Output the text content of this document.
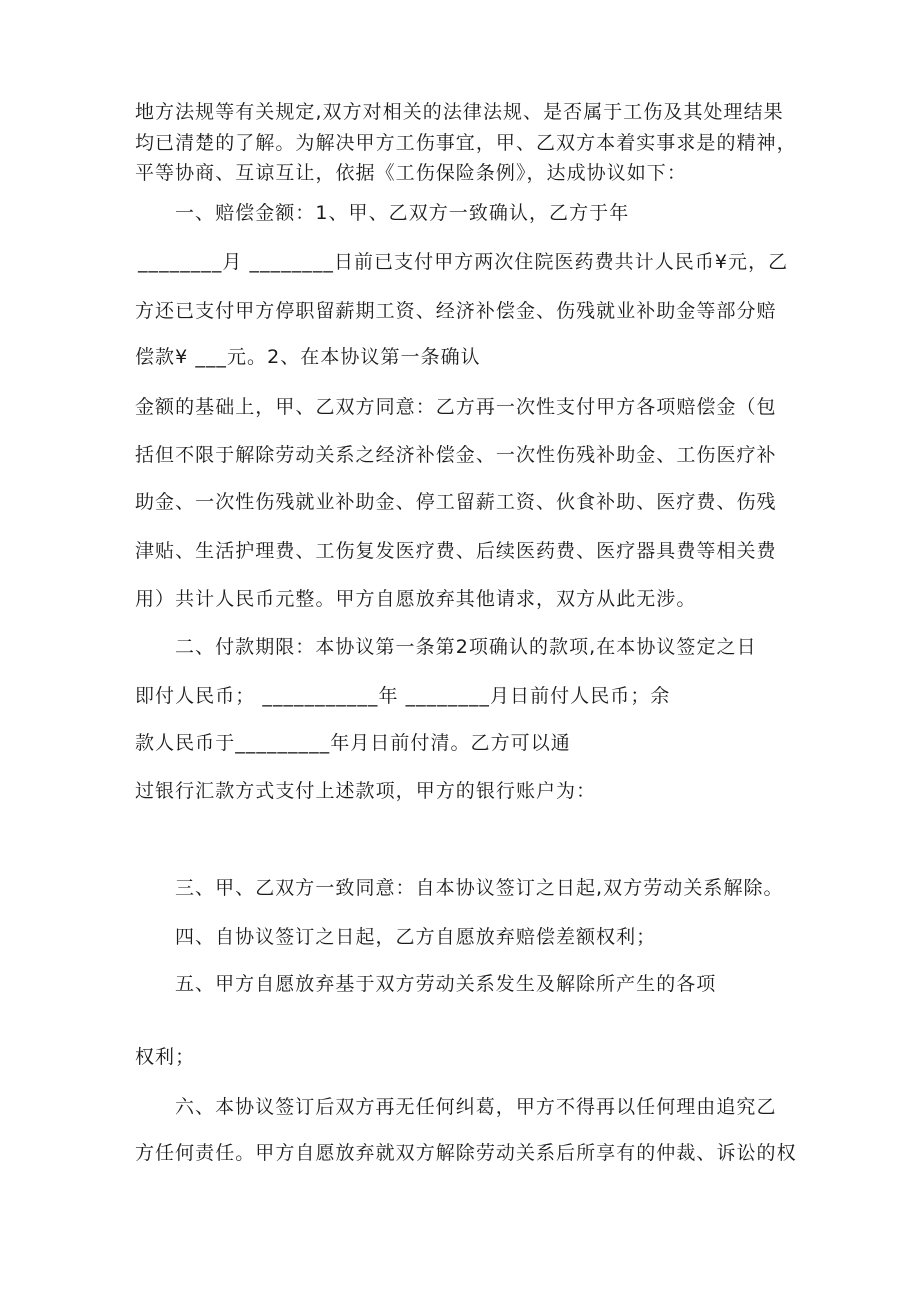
地方法规等有关规定,双方对相关的法律法规、是否属于工伤及其处理结果
均已清楚的了解。为解决甲方工伤事宜，甲、乙双方本着实事求是的精神，
平等协商、互谅互让，依据《工伤保险条例》，达成协议如下：
一、赔偿金额：1、甲、乙双方一致确认，乙方于年
________月 ________日前已支付甲方两次住院医药费共计人民币¥元，乙
方还已支付甲方停职留薪期工资、经济补偿金、伤残就业补助金等部分赔
偿款¥ ___元。2、在本协议第一条确认
金额的基础上，甲、乙双方同意：乙方再一次性支付甲方各项赔偿金（包
括但不限于解除劳动关系之经济补偿金、一次性伤残补助金、工伤医疗补
助金、一次性伤残就业补助金、停工留薪工资、伙食补助、医疗费、伤残
津贴、生活护理费、工伤复发医疗费、后续医药费、医疗器具费等相关费
用）共计人民币元整。甲方自愿放弃其他请求，双方从此无涉。
二、付款期限：本协议第一条第2项确认的款项,在本协议签定之日
即付人民币； ___________年 ________月日前付人民币；余
款人民币于_________年月日前付清。乙方可以通
过银行汇款方式支付上述款项，甲方的银行账户为：
三、甲、乙双方一致同意：自本协议签订之日起,双方劳动关系解除。
四、自协议签订之日起，乙方自愿放弃赔偿差额权利；
五、甲方自愿放弃基于双方劳动关系发生及解除所产生的各项
权利；
六、本协议签订后双方再无任何纠葛，甲方不得再以任何理由追究乙
方任何责任。甲方自愿放弃就双方解除劳动关系后所享有的仲裁、诉讼的权
